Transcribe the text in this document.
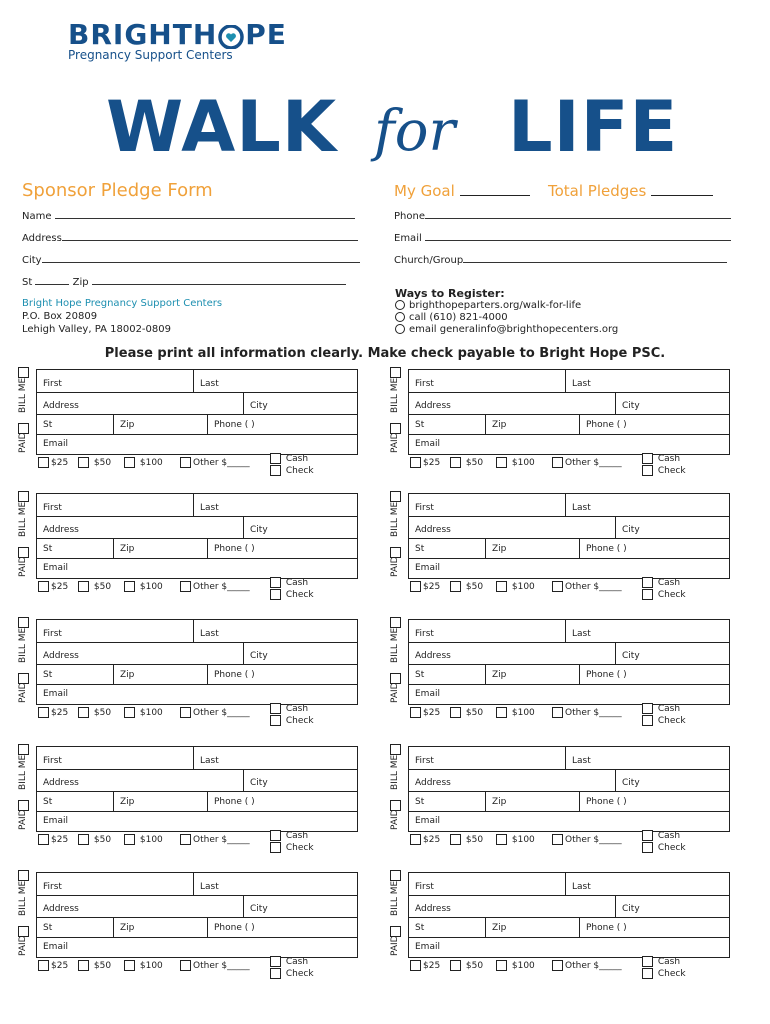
BRIGHT H PE
Pregnancy Support Centers
WALK for LIFE
Sponsor Pledge Form	My Goal	Total Pledges
Name
Address
City
St	Zip
Phone
Email
Church/Group
Bright Hope Pregnancy Support Centers
P.O. Box 20809
Lehigh Valley, PA 18002-0809
Ways to Register:
brighthopeparters.org/walk-for-life
call (610) 821-4000
email generalinfo@brighthopecenters.org
Please print all information clearly. Make check payable to Bright Hope PSC.
BILL ME
PAID
First	Last
Address	City
St	Zip	Phone ( )
Email
$25	$50	$100	Other $_____	Cash
Check
BILL ME
PAID
First	Last
Address	City
St	Zip	Phone ( )
Email
$25	$50	$100	Other $_____	Cash
Check
BILL ME
PAID
First	Last
Address	City
St	Zip	Phone ( )
Email
$25	$50	$100	Other $_____	Cash
Check
BILL ME
PAID
First	Last
Address	City
St	Zip	Phone ( )
Email
$25	$50	$100	Other $_____	Cash
Check
BILL ME
PAID
First	Last
Address	City
St	Zip	Phone ( )
Email
$25	$50	$100	Other $_____	Cash
Check
BILL ME
PAID
First	Last
Address	City
St	Zip	Phone ( )
Email
$25	$50	$100	Other $_____	Cash
Check
BILL ME
PAID
First	Last
Address	City
St	Zip	Phone ( )
Email
$25	$50	$100	Other $_____	Cash
Check
BILL ME
PAID
First	Last
Address	City
St	Zip	Phone ( )
Email
$25	$50	$100	Other $_____	Cash
Check
BILL ME
PAID
First	Last
Address	City
St	Zip	Phone ( )
Email
$25	$50	$100	Other $_____	Cash
Check
BILL ME
PAID
First	Last
Address	City
St	Zip	Phone ( )
Email
$25	$50	$100	Other $_____	Cash
Check
